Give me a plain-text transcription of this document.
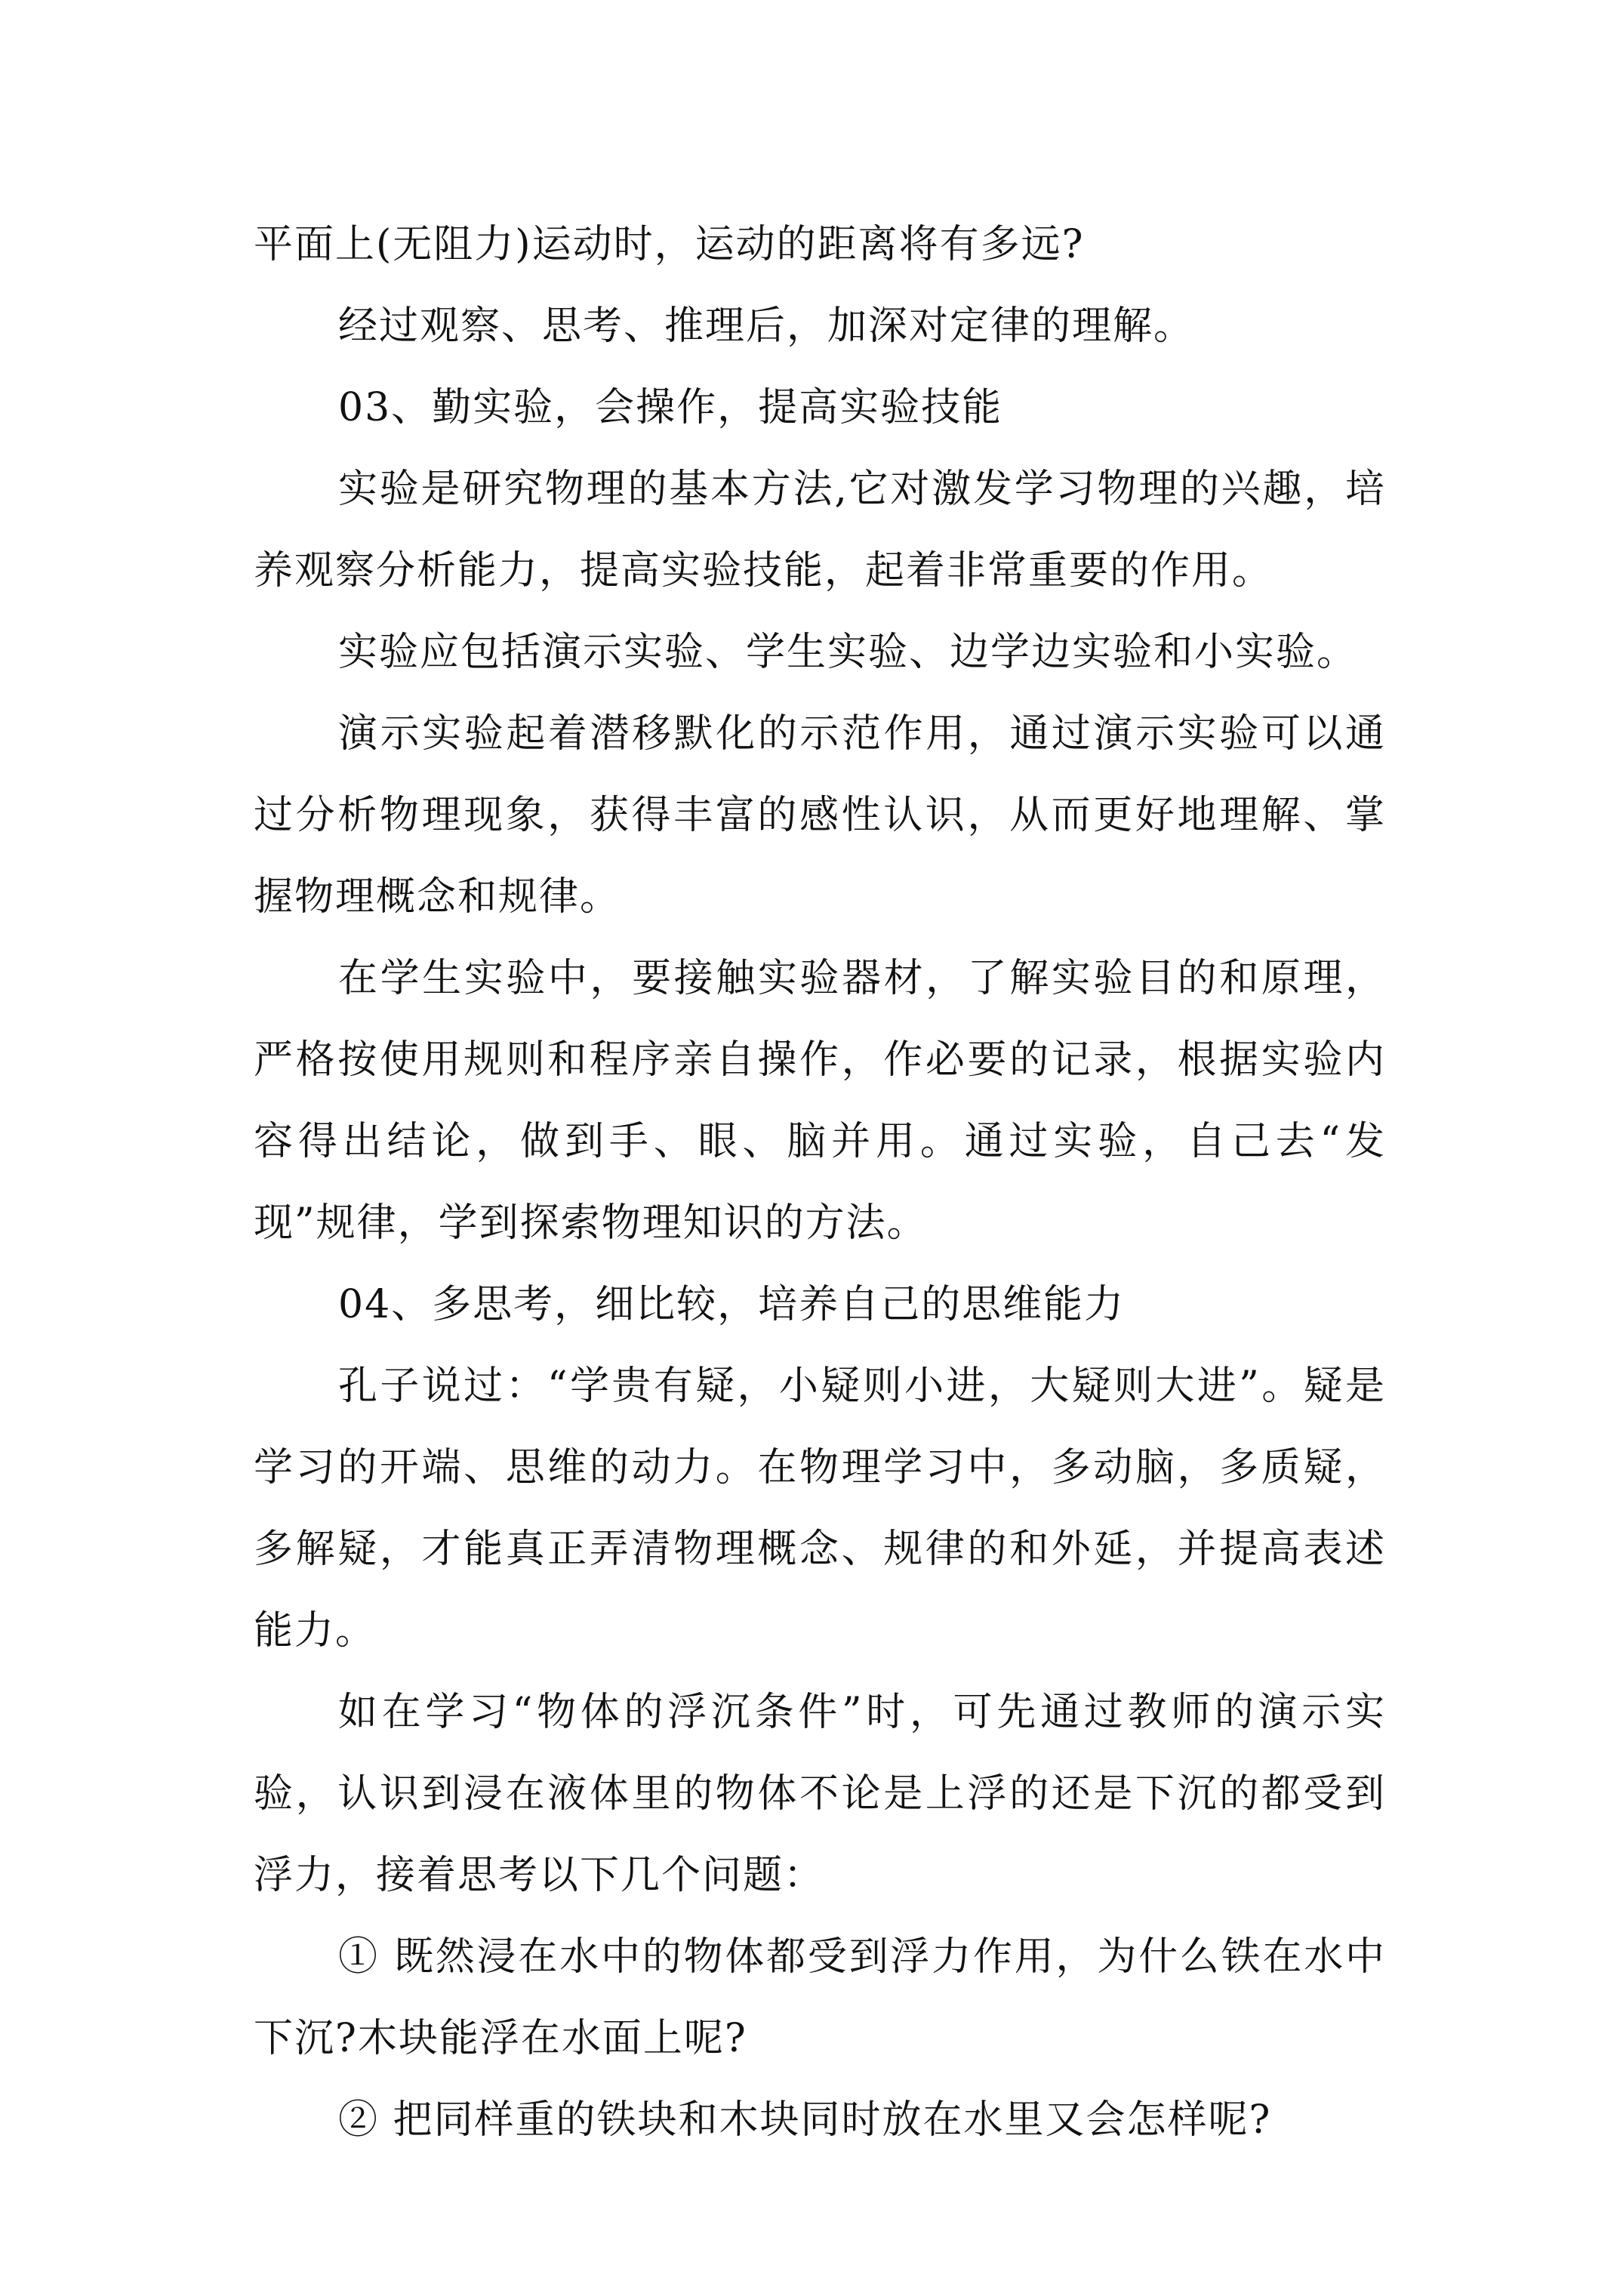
平面上(无阻力)运动时，运动的距离将有多远?

经过观察、思考、推理后，加深对定律的理解。

03、勤实验，会操作，提高实验技能

实验是研究物理的基本方法,它对激发学习物理的兴趣，培养观察分析能力，提高实验技能，起着非常重要的作用。

实验应包括演示实验、学生实验、边学边实验和小实验。

演示实验起着潜移默化的示范作用，通过演示实验可以通过分析物理现象，获得丰富的感性认识，从而更好地理解、掌握物理概念和规律。

在学生实验中，要接触实验器材，了解实验目的和原理，严格按使用规则和程序亲自操作，作必要的记录，根据实验内容得出结论，做到手、眼、脑并用。通过实验，自己去“发现”规律，学到探索物理知识的方法。

04、多思考，细比较，培养自己的思维能力

孔子说过：“学贵有疑，小疑则小进，大疑则大进”。疑是学习的开端、思维的动力。在物理学习中，多动脑，多质疑，多解疑，才能真正弄清物理概念、规律的和外延，并提高表述能力。

如在学习“物体的浮沉条件”时，可先通过教师的演示实验，认识到浸在液体里的物体不论是上浮的还是下沉的都受到浮力，接着思考以下几个问题：

① 既然浸在水中的物体都受到浮力作用，为什么铁在水中下沉?木块能浮在水面上呢?

② 把同样重的铁块和木块同时放在水里又会怎样呢?
